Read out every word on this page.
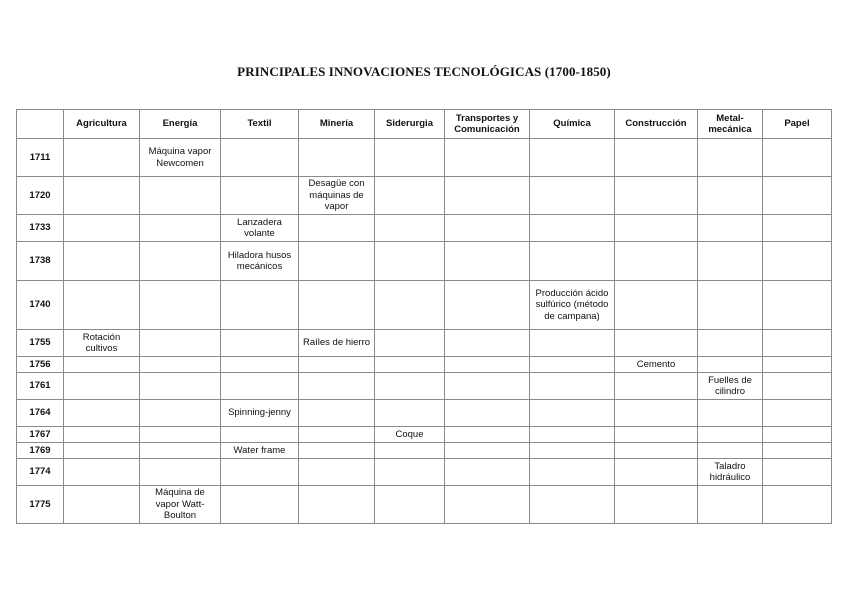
PRINCIPALES INNOVACIONES TECNOLÓGICAS (1700-1850)
	Agricultura	Energía	Textil	Minería	Siderurgia	Transportes y Comunicación	Química	Construcción	Metal-mecánica	Papel
1711		Máquina vapor Newcomen								
1720				Desagüe con máquinas de vapor						
1733			Lanzadera volante							
1738			Hiladora husos mecánicos							
1740							Producción ácido sulfúrico (método de campana)			
1755	Rotación cultivos			Raíles de hierro						
1756								Cemento		
1761									Fuelles de cilindro	
1764			Spinning-jenny							
1767					Coque					
1769			Water frame							
1774									Taladro hidráulico	
1775		Máquina de vapor Watt-Boulton								
